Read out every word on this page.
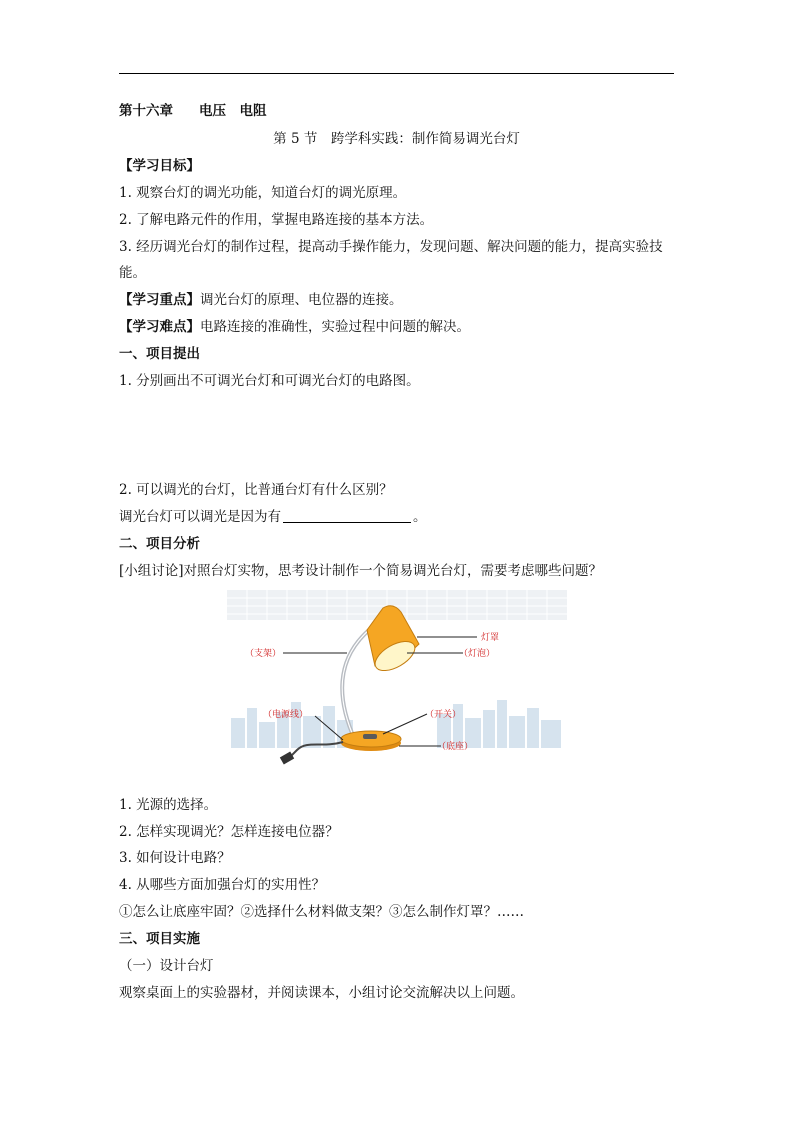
第十六章 电压　电阻
第 5 节　跨学科实践：制作简易调光台灯
【学习目标】
1. 观察台灯的调光功能，知道台灯的调光原理。
2. 了解电路元件的作用，掌握电路连接的基本方法。
3. 经历调光台灯的制作过程，提高动手操作能力，发现问题、解决问题的能力，提高实验技
能。
【学习重点】调光台灯的原理、电位器的连接。
【学习难点】电路连接的准确性，实验过程中问题的解决。
一、项目提出
1. 分别画出不可调光台灯和可调光台灯的电路图。
2. 可以调光的台灯，比普通台灯有什么区别？
调光台灯可以调光是因为有	。
二、项目分析
[小组讨论]对照台灯实物，思考设计制作一个简易调光台灯，需要考虑哪些问题？
灯罩
（支架）	（灯泡）
（电源线）	（开关）
（底座）
1. 光源的选择。
2. 怎样实现调光？怎样连接电位器？
3. 如何设计电路？
4. 从哪些方面加强台灯的实用性？
①怎么让底座牢固？②选择什么材料做支架？③怎么制作灯罩？……
三、项目实施
（一）设计台灯
观察桌面上的实验器材，并阅读课本，小组讨论交流解决以上问题。
